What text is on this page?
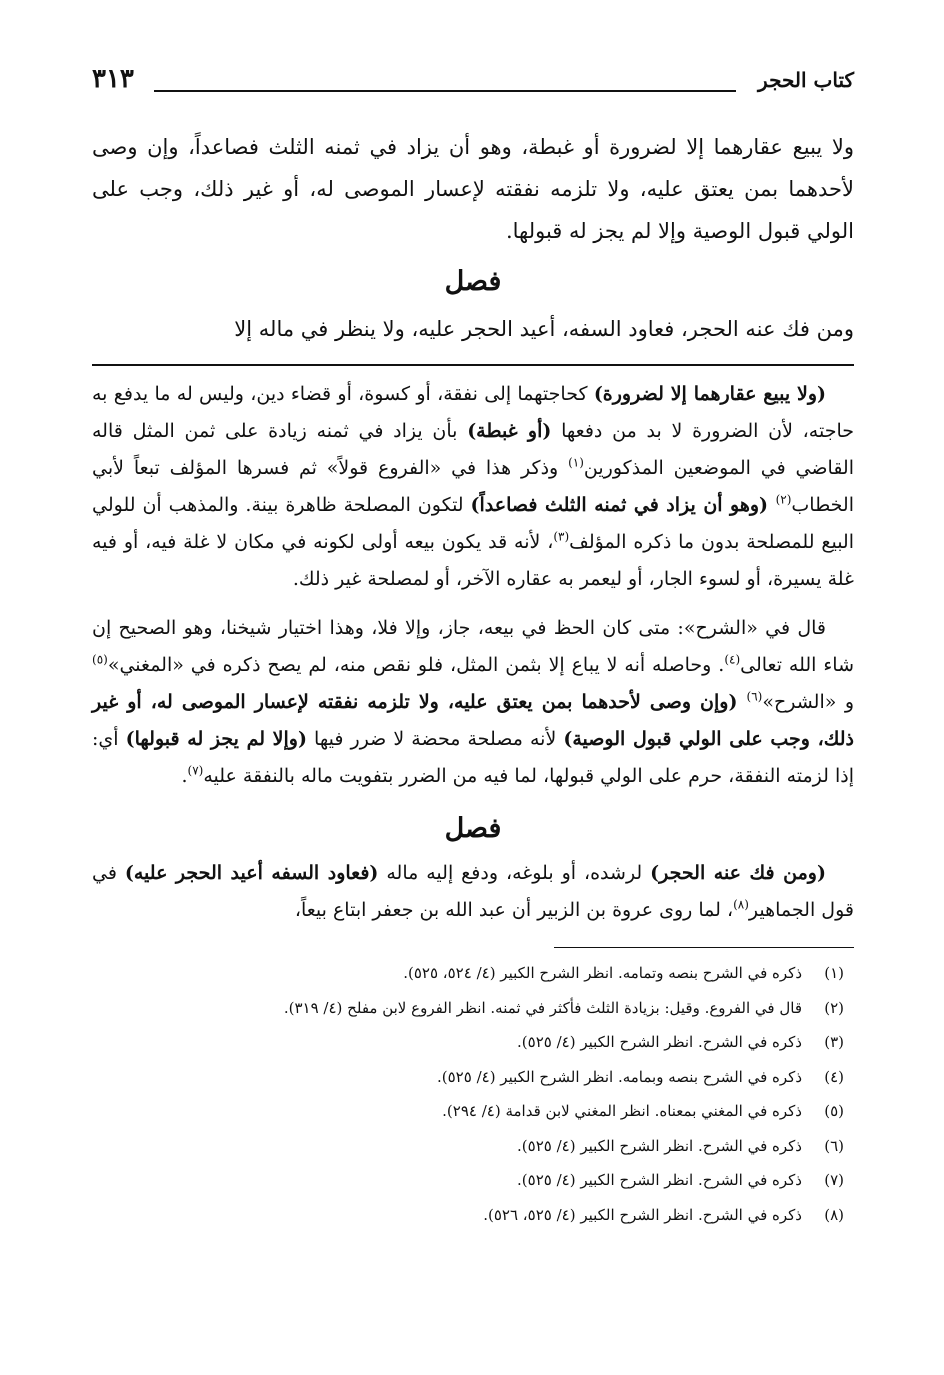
كتاب الحجر
٣١٣
ولا يبيع عقارهما إلا لضرورة أو غبطة، وهو أن يزاد في ثمنه الثلث فصاعداً، وإن وصى لأحدهما بمن يعتق عليه، ولا تلزمه نفقته لإعسار الموصى له، أو غير ذلك، وجب على الولي قبول الوصية وإلا لم يجز له قبولها.
فصل
ومن فك عنه الحجر، فعاود السفه، أعيد الحجر عليه، ولا ينظر في ماله إلا

(ولا يبيع عقارهما إلا لضرورة) كحاجتهما إلى نفقة، أو كسوة، أو قضاء دين، وليس له ما يدفع به حاجته، لأن الضرورة لا بد من دفعها (أو غبطة) بأن يزاد في ثمنه زيادة على ثمن المثل قاله القاضي في الموضعين المذكورين$^{(١)}$ وذكر هذا في «الفروع قولاً» ثم فسرها المؤلف تبعاً لأبي الخطاب$^{(٢)}$ (وهو أن يزاد في ثمنه الثلث فصاعداً) لتكون المصلحة ظاهرة بينة. والمذهب أن للولي البيع للمصلحة بدون ما ذكره المؤلف$^{(٣)}$، لأنه قد يكون بيعه أولى لكونه في مكان لا غلة فيه، أو فيه غلة يسيرة، أو لسوء الجار، أو ليعمر به عقاره الآخر، أو لمصلحة غير ذلك.

قال في «الشرح»: متى كان الحظ في بيعه، جاز، وإلا فلا، وهذا اختيار شيخنا، وهو الصحيح إن شاء الله تعالى$^{(٤)}$. وحاصله أنه لا يباع إلا بثمن المثل، فلو نقص منه، لم يصح ذكره في «المغني»$^{(٥)}$ و «الشرح»$^{(٦)}$ (وإن وصى لأحدهما بمن يعتق عليه، ولا تلزمه نفقته لإعسار الموصى له، أو غير ذلك، وجب على الولي قبول الوصية) لأنه مصلحة محضة لا ضرر فيها (وإلا لم يجز له قبولها) أي: إذا لزمته النفقة، حرم على الولي قبولها، لما فيه من الضرر بتفويت ماله بالنفقة عليه$^{(٧)}$.

فصل

(ومن فك عنه الحجر) لرشده، أو بلوغه، ودفع إليه ماله (فعاود السفه أعيد الحجر عليه) في قول الجماهير$^{(٨)}$، لما روى عروة بن الزبير أن عبد الله بن جعفر ابتاع بيعاً،

(١)
ذكره في الشرح بنصه وتمامه. انظر الشرح الكبير (٤/ ٥٢٤، ٥٢٥).
(٢)
قال في الفروع. وقيل: بزيادة الثلث فأكثر في ثمنه. انظر الفروع لابن مفلح (٤/ ٣١٩).
(٣)
ذكره في الشرح. انظر الشرح الكبير (٤/ ٥٢٥).
(٤)
ذكره في الشرح بنصه وبمامه. انظر الشرح الكبير (٤/ ٥٢٥).
(٥)
ذكره في المغني بمعناه. انظر المغني لابن قدامة (٤/ ٢٩٤).
(٦)
ذكره في الشرح. انظر الشرح الكبير (٤/ ٥٢٥).
(٧)
ذكره في الشرح. انظر الشرح الكبير (٤/ ٥٢٥).
(٨)
ذكره في الشرح. انظر الشرح الكبير (٤/ ٥٢٥، ٥٢٦).
